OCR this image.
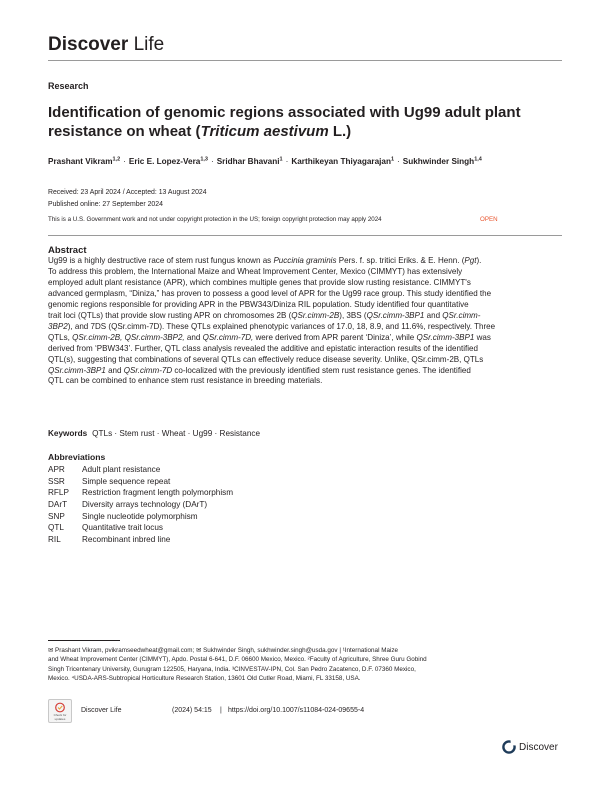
Discover Life
Research
Identification of genomic regions associated with Ug99 adult plant
resistance on wheat (Triticum aestivum L.)
Prashant Vikram$^{1,2}$ · Eric E. Lopez-Vera$^{1,3}$ · Sridhar Bhavani$^1$ · Karthikeyan Thiyagarajan$^1$ · Sukhwinder Singh$^{1,4}$
Received: 23 April 2024 / Accepted: 13 August 2024
Published online: 27 September 2024
This is a U.S. Government work and not under copyright protection in the US; foreign copyright protection may apply 2024	OPEN
Abstract
Ug99 is a highly destructive race of stem rust fungus known as Puccinia graminis Pers. f. sp. tritici Eriks. & E. Henn. (Pgt).
To address this problem, the International Maize and Wheat Improvement Center, Mexico (CIMMYT) has extensively
employed adult plant resistance (APR), which combines multiple genes that provide slow rusting resistance. CIMMYT's
advanced germplasm, “Diniza,” has proven to possess a good level of APR for the Ug99 race group. This study identified the
genomic regions responsible for providing APR in the PBW343/Diniza RIL population. Study identified four quantitative
trait loci (QTLs) that provide slow rusting APR on chromosomes 2B (QSr.cimm-2B), 3BS (QSr.cimm-3BP1 and QSr.cimm-
3BP2), and 7DS (QSr.cimm-7D). These QTLs explained phenotypic variances of 17.0, 18, 8.9, and 11.6%, respectively. Three
QTLs, QSr.cimm-2B, QSr.cimm-3BP2, and QSr.cimm-7D, were derived from APR parent ‘Diniza’, while QSr.cimm-3BP1 was
derived from ‘PBW343’. Further, QTL class analysis revealed the additive and epistatic interaction results of the identified
QTL(s), suggesting that combinations of several QTLs can effectively reduce disease severity. Unlike, QSr.cimm-2B, QTLs
QSr.cimm-3BP1 and QSr.cimm-7D co-localized with the previously identified stem rust resistance genes. The identified
QTL can be combined to enhance stem rust resistance in breeding materials.
Keywords QTLs · Stem rust · Wheat · Ug99 · Resistance
Abbreviations
APR Adult plant resistance
SSR Simple sequence repeat
RFLP Restriction fragment length polymorphism
DArT Diversity arrays technology (DArT)
SNP Single nucleotide polymorphism
QTL Quantitative trait locus
RIL	Recombinant inbred line
✉ Prashant Vikram, pvikramseedwheat@gmail.com; ✉ Sukhwinder Singh, sukhwinder.singh@usda.gov | ¹International Maize
and Wheat Improvement Center (CIMMYT), Apdo. Postal 6-641, D.F. 06600 Mexico, Mexico. ²Faculty of Agriculture, Shree Guru Gobind
Singh Tricentenary University, Gurugram 122505, Haryana, India. ³CINVESTAV-IPN, Col. San Pedro Zacatenco, D.F. 07360 Mexico,
Mexico. ⁴USDA-ARS-Subtropical Horticulture Research Station, 13601 Old Cutler Road, Miami, FL 33158, USA.
Check for updates
Discover Life	(2024) 54:15 | https://doi.org/10.1007/s11084-024-09655-4
Discover
